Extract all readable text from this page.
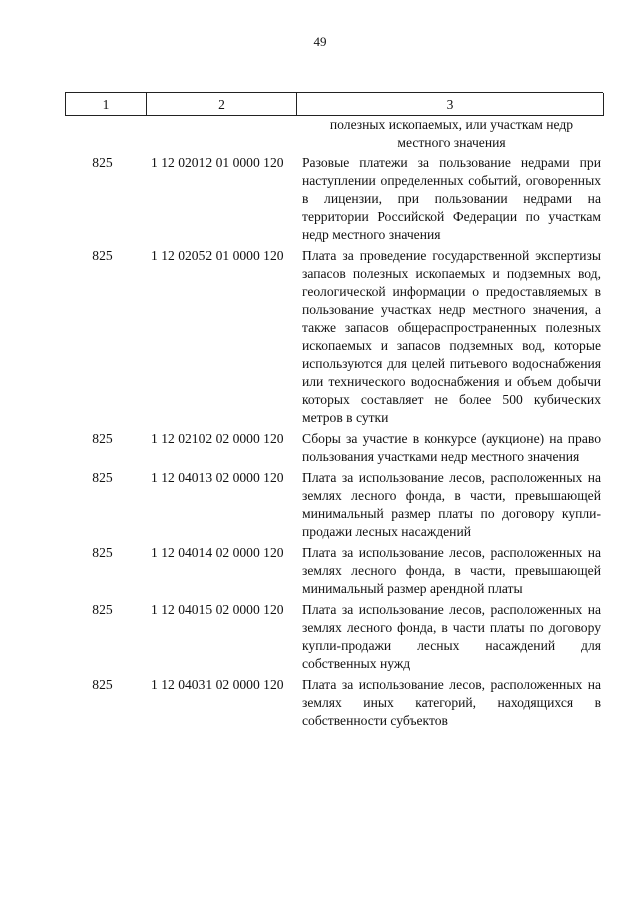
49
1	2	3
полезных ископаемых, или участкам недр местного значения
825	1 12 02012 01 0000 120	Разовые платежи за пользование недрами при наступлении определенных событий, оговоренных в лицензии, при пользовании недрами на территории Российской Федерации по участкам недр местного значения
825	1 12 02052 01 0000 120	Плата за проведение государственной экспертизы запасов полезных ископаемых и подземных вод, геологической информации о предоставляемых в пользование участках недр местного значения, а также запасов общераспространенных полезных ископаемых и запасов подземных вод, которые используются для целей питьевого водоснабжения или технического водоснабжения и объем добычи которых составляет не более 500 кубических метров в сутки
825	1 12 02102 02 0000 120	Сборы за участие в конкурсе (аукционе) на право пользования участками недр местного значения
825	1 12 04013 02 0000 120	Плата за использование лесов, расположенных на землях лесного фонда, в части, превышающей минимальный размер платы по договору купли-продажи лесных насаждений
825	1 12 04014 02 0000 120	Плата за использование лесов, расположенных на землях лесного фонда, в части, превышающей минимальный размер арендной платы
825	1 12 04015 02 0000 120	Плата за использование лесов, расположенных на землях лесного фонда, в части платы по договору купли-продажи лесных насаждений для собственных нужд
825	1 12 04031 02 0000 120	Плата за использование лесов, расположенных на землях иных категорий, находящихся в собственности субъектов
